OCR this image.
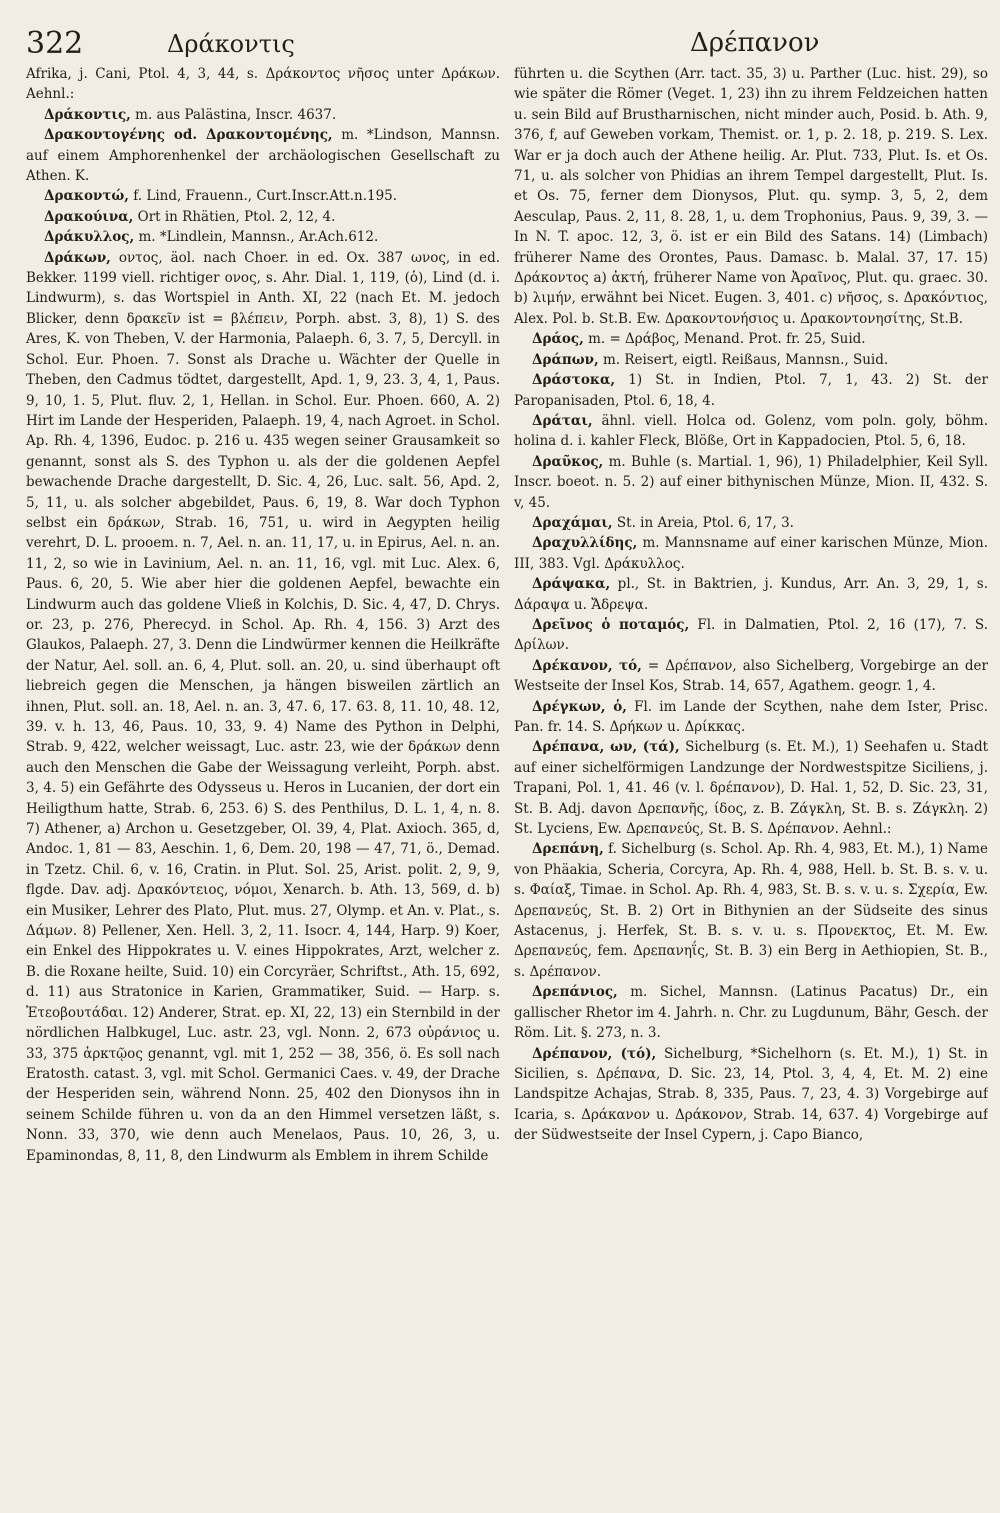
322	Δράκοντις	Δρέπανον

Afrika, j. Cani, Ptol. 4, 3, 44, s. Δράκοντος νῆσος unter Δράκων. Aehnl.:

Δράκοντις, m. aus Palästina, Inscr. 4637.

Δρακοντογένης od. Δρακοντομένης, m. *Lindson, Mannsn. auf einem Amphorenhenkel der archäologischen Gesellschaft zu Athen. K.

Δρακοντώ, f. Lind, Frauenn., Curt.Inscr.Att.n.195.

Δρακούινα, Ort in Rhätien, Ptol. 2, 12, 4.

Δράκυλλος, m. *Lindlein, Mannsn., Ar.Ach.612.

Δράκων, οντος, äol. nach Choer. in ed. Ox. 387 ωνος, in ed. Bekker. 1199 viell. richtiger ονος, s. Ahr. Dial. 1, 119, (ὁ), Lind (d. i. Lindwurm), s. das Wortspiel in Anth. XI, 22 (nach Et. M. jedoch Blicker, denn δρακεῖν ist = βλέπειν, Porph. abst. 3, 8), 1) S. des Ares, K. von Theben, V. der Harmonia, Palaeph. 6, 3. 7, 5, Dercyll. in Schol. Eur. Phoen. 7. Sonst als Drache u. Wächter der Quelle in Theben, den Cadmus tödtet, dargestellt, Apd. 1, 9, 23. 3, 4, 1, Paus. 9, 10, 1. 5, Plut. fluv. 2, 1, Hellan. in Schol. Eur. Phoen. 660, A. 2) Hirt im Lande der Hesperiden, Palaeph. 19, 4, nach Agroet. in Schol. Ap. Rh. 4, 1396, Eudoc. p. 216 u. 435 wegen seiner Grausamkeit so genannt, sonst als S. des Typhon u. als der die goldenen Aepfel bewachende Drache dargestellt, D. Sic. 4, 26, Luc. salt. 56, Apd. 2, 5, 11, u. als solcher abgebildet, Paus. 6, 19, 8. War doch Typhon selbst ein δράκων, Strab. 16, 751, u. wird in Aegypten heilig verehrt, D. L. prooem. n. 7, Ael. n. an. 11, 17, u. in Epirus, Ael. n. an. 11, 2, so wie in Lavinium, Ael. n. an. 11, 16, vgl. mit Luc. Alex. 6, Paus. 6, 20, 5. Wie aber hier die goldenen Aepfel, bewachte ein Lindwurm auch das goldene Vließ in Kolchis, D. Sic. 4, 47, D. Chrys. or. 23, p. 276, Pherecyd. in Schol. Ap. Rh. 4, 156. 3) Arzt des Glaukos, Palaeph. 27, 3. Denn die Lindwürmer kennen die Heilkräfte der Natur, Ael. soll. an. 6, 4, Plut. soll. an. 20, u. sind überhaupt oft liebreich gegen die Menschen, ja hängen bisweilen zärtlich an ihnen, Plut. soll. an. 18, Ael. n. an. 3, 47. 6, 17. 63. 8, 11. 10, 48. 12, 39. v. h. 13, 46, Paus. 10, 33, 9. 4) Name des Python in Delphi, Strab. 9, 422, welcher weissagt, Luc. astr. 23, wie der δράκων denn auch den Menschen die Gabe der Weissagung verleiht, Porph. abst. 3, 4. 5) ein Gefährte des Odysseus u. Heros in Lucanien, der dort ein Heiligthum hatte, Strab. 6, 253. 6) S. des Penthilus, D. L. 1, 4, n. 8. 7) Athener, a) Archon u. Gesetzgeber, Ol. 39, 4, Plat. Axioch. 365, d, Andoc. 1, 81 — 83, Aeschin. 1, 6, Dem. 20, 198 — 47, 71, ö., Demad. in Tzetz. Chil. 6, v. 16, Cratin. in Plut. Sol. 25, Arist. polit. 2, 9, 9, flgde. Dav. adj. Δρακόντειος, νόμοι, Xenarch. b. Ath. 13, 569, d. b) ein Musiker, Lehrer des Plato, Plut. mus. 27, Olymp. et An. v. Plat., s. Δάμων. 8) Pellener, Xen. Hell. 3, 2, 11. Isocr. 4, 144, Harp. 9) Koer, ein Enkel des Hippokrates u. V. eines Hippokrates, Arzt, welcher z. B. die Roxane heilte, Suid. 10) ein Corcyräer, Schriftst., Ath. 15, 692, d. 11) aus Stratonice in Karien, Grammatiker, Suid. — Harp. s. Ἐτεοβουτάδαι. 12) Anderer, Strat. ep. XI, 22, 13) ein Sternbild in der nördlichen Halbkugel, Luc. astr. 23, vgl. Nonn. 2, 673 οὐράνιος u. 33, 375 ἀρκτῷος genannt, vgl. mit 1, 252 — 38, 356, ö. Es soll nach Eratosth. catast. 3, vgl. mit Schol. Germanici Caes. v. 49, der Drache der Hesperiden sein, während Nonn. 25, 402 den Dionysos ihn in seinem Schilde führen u. von da an den Himmel versetzen läßt, s. Nonn. 33, 370, wie denn auch Menelaos, Paus. 10, 26, 3, u. Epaminondas, 8, 11, 8, den Lindwurm als Emblem in ihrem Schilde

führten u. die Scythen (Arr. tact. 35, 3) u. Parther (Luc. hist. 29), so wie später die Römer (Veget. 1, 23) ihn zu ihrem Feldzeichen hatten u. sein Bild auf Brustharnischen, nicht minder auch, Posid. b. Ath. 9, 376, f, auf Geweben vorkam, Themist. or. 1, p. 2. 18, p. 219. S. Lex. War er ja doch auch der Athene heilig. Ar. Plut. 733, Plut. Is. et Os. 71, u. als solcher von Phidias an ihrem Tempel dargestellt, Plut. Is. et Os. 75, ferner dem Dionysos, Plut. qu. symp. 3, 5, 2, dem Aesculap, Paus. 2, 11, 8. 28, 1, u. dem Trophonius, Paus. 9, 39, 3. — In N. T. apoc. 12, 3, ö. ist er ein Bild des Satans. 14) (Limbach) früherer Name des Orontes, Paus. Damasc. b. Malal. 37, 17. 15) Δράκοντος a) ἀκτή, früherer Name von Ἀραῖνος, Plut. qu. graec. 30. b) λιμήν, erwähnt bei Nicet. Eugen. 3, 401. c) νῆσος, s. Δρακόντιος, Alex. Pol. b. St.B. Ew. Δρακοντονήσιος u. Δρακοντονησίτης, St.B.

Δράος, m. = Δράβος, Menand. Prot. fr. 25, Suid.

Δράπων, m. Reisert, eigtl. Reißaus, Mannsn., Suid.

Δράστοκα, 1) St. in Indien, Ptol. 7, 1, 43. 2) St. der Paropanisaden, Ptol. 6, 18, 4.

Δράται, ähnl. viell. Holca od. Golenz, vom poln. goly, böhm. holina d. i. kahler Fleck, Blöße, Ort in Kappadocien, Ptol. 5, 6, 18.

Δραῦκος, m. Buhle (s. Martial. 1, 96), 1) Philadelphier, Keil Syll. Inscr. boeot. n. 5. 2) auf einer bithynischen Münze, Mion. II, 432. S. v, 45.

Δραχάμαι, St. in Areia, Ptol. 6, 17, 3.

Δραχυλλίδης, m. Mannsname auf einer karischen Münze, Mion. III, 383. Vgl. Δράκυλλος.

Δράψακα, pl., St. in Baktrien, j. Kundus, Arr. An. 3, 29, 1, s. Δάραψα u. Ἄδρεψα.

Δρεῖνος ὁ ποταμός, Fl. in Dalmatien, Ptol. 2, 16 (17), 7. S. Δρίλων.

Δρέκανον, τό, = Δρέπανον, also Sichelberg, Vorgebirge an der Westseite der Insel Kos, Strab. 14, 657, Agathem. geogr. 1, 4.

Δρέγκων, ὁ, Fl. im Lande der Scythen, nahe dem Ister, Prisc. Pan. fr. 14. S. Δρήκων u. Δρίκκας.

Δρέπανα, ων, (τά), Sichelburg (s. Et. M.), 1) Seehafen u. Stadt auf einer sichelförmigen Landzunge der Nordwestspitze Siciliens, j. Trapani, Pol. 1, 41. 46 (v. l. δρέπανον), D. Hal. 1, 52, D. Sic. 23, 31, St. B. Adj. davon Δρεπανῆς, ίδος, z. B. Ζάγκλη, St. B. s. Ζάγκλη. 2) St. Lyciens, Ew. Δρεπανεύς, St. B. S. Δρέπανον. Aehnl.:

Δρεπάνη, f. Sichelburg (s. Schol. Ap. Rh. 4, 983, Et. M.), 1) Name von Phäakia, Scheria, Corcyra, Ap. Rh. 4, 988, Hell. b. St. B. s. v. u. s. Φαίαξ, Timae. in Schol. Ap. Rh. 4, 983, St. B. s. v. u. s. Σχερία, Ew. Δρεπανεύς, St. B. 2) Ort in Bithynien an der Südseite des sinus Astacenus, j. Herfek, St. B. s. v. u. s. Προνεκτος, Et. M. Ew. Δρεπανεύς, fem. Δρεπανηΐς, St. B. 3) ein Berg in Aethiopien, St. B., s. Δρέπανον.

Δρεπάνιος, m. Sichel, Mannsn. (Latinus Pacatus) Dr., ein gallischer Rhetor im 4. Jahrh. n. Chr. zu Lugdunum, Bähr, Gesch. der Röm. Lit. §. 273, n. 3.

Δρέπανον, (τό), Sichelburg, *Sichelhorn (s. Et. M.), 1) St. in Sicilien, s. Δρέπανα, D. Sic. 23, 14, Ptol. 3, 4, 4, Et. M. 2) eine Landspitze Achajas, Strab. 8, 335, Paus. 7, 23, 4. 3) Vorgebirge auf Icaria, s. Δράκανον u. Δράκονον, Strab. 14, 637. 4) Vorgebirge auf der Südwestseite der Insel Cypern, j. Capo Bianco,
